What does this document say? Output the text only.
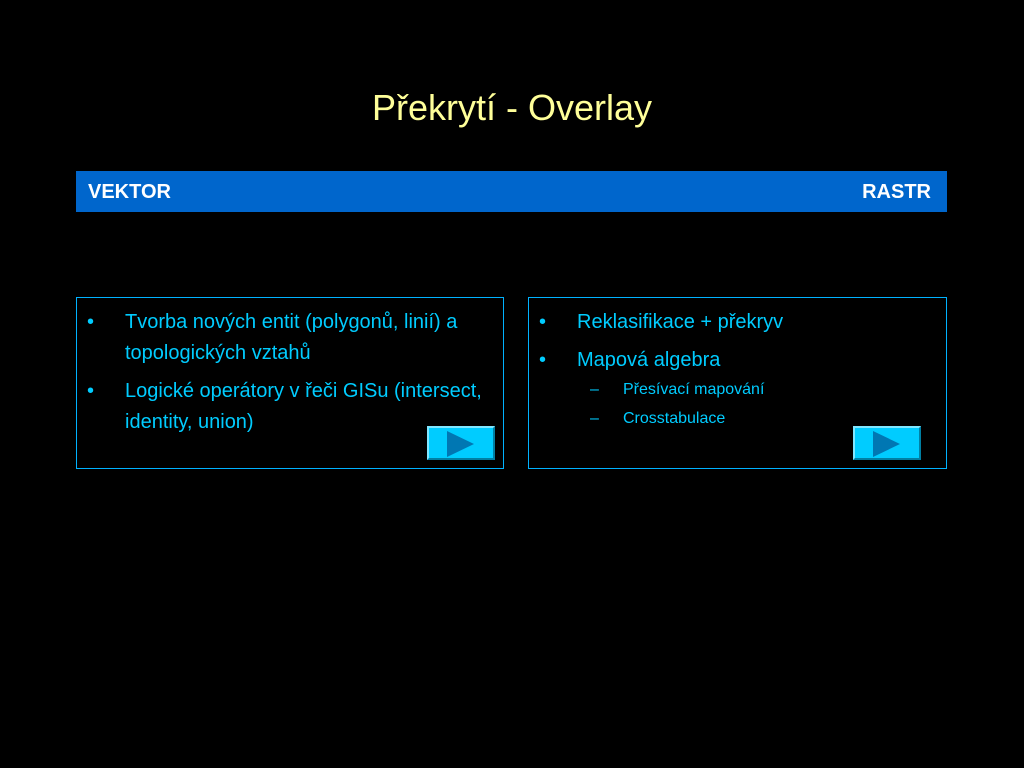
Překrytí - Overlay
VEKTOR	RASTR
• Tvorba nových entit (polygonů, linií) a topologických vztahů
• Logické operátory v řeči GISu (intersect, identity, union)
• Reklasifikace + překryv
• Mapová algebra
– Přesívací mapování
– Crosstabulace
